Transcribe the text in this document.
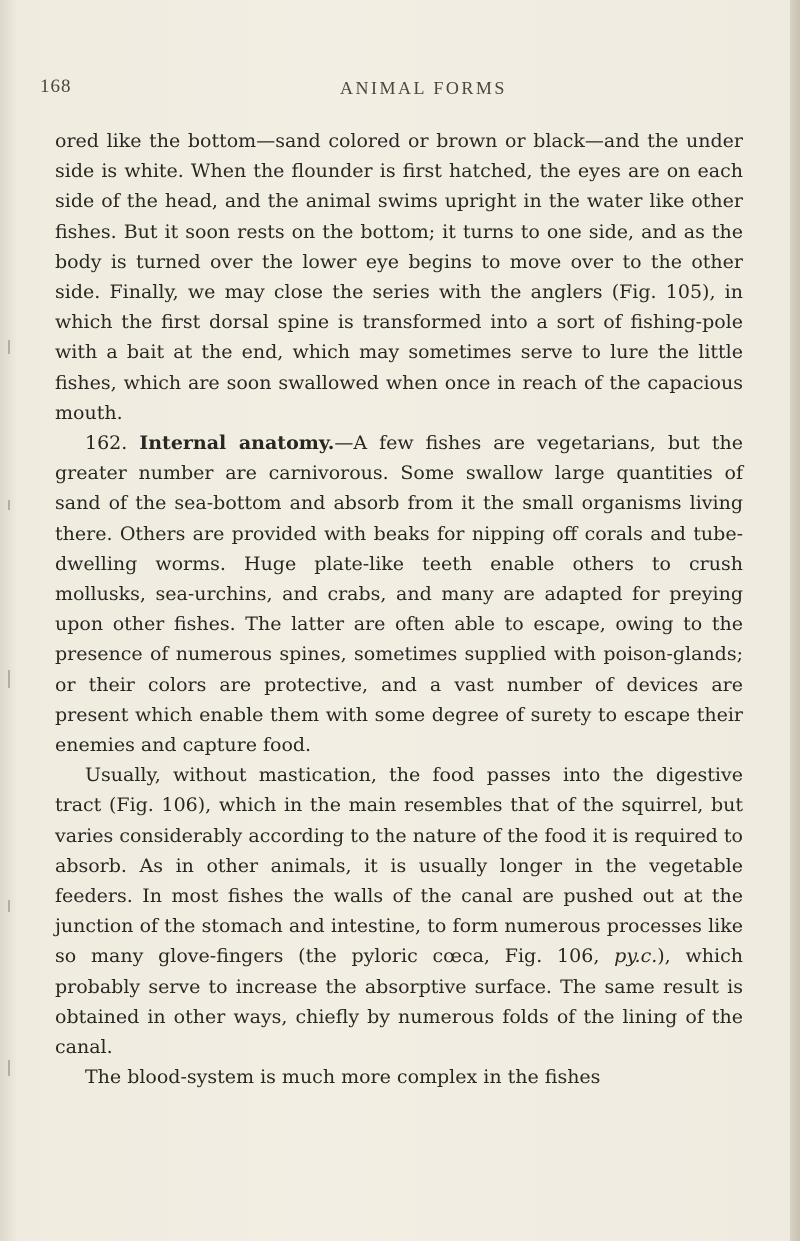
168	ANIMAL FORMS

ored like the bottom—sand colored or brown or black—and the under side is white. When the flounder is first hatched, the eyes are on each side of the head, and the animal swims upright in the water like other fishes. But it soon rests on the bottom; it turns to one side, and as the body is turned over the lower eye begins to move over to the other side. Finally, we may close the series with the anglers (Fig. 105), in which the first dorsal spine is transformed into a sort of fishing-pole with a bait at the end, which may sometimes serve to lure the little fishes, which are soon swallowed when once in reach of the capacious mouth.

162. Internal anatomy.—A few fishes are vegetarians, but the greater number are carnivorous. Some swallow large quantities of sand of the sea-bottom and absorb from it the small organisms living there. Others are provided with beaks for nipping off corals and tube-dwelling worms. Huge plate-like teeth enable others to crush mollusks, sea-urchins, and crabs, and many are adapted for preying upon other fishes. The latter are often able to escape, owing to the presence of numerous spines, sometimes supplied with poison-glands; or their colors are protective, and a vast number of devices are present which enable them with some degree of surety to escape their enemies and capture food.

Usually, without mastication, the food passes into the digestive tract (Fig. 106), which in the main resembles that of the squirrel, but varies considerably according to the nature of the food it is required to absorb. As in other animals, it is usually longer in the vegetable feeders. In most fishes the walls of the canal are pushed out at the junction of the stomach and intestine, to form numerous processes like so many glove-fingers (the pyloric cœca, Fig. 106, py.c.), which probably serve to increase the absorptive surface. The same result is obtained in other ways, chiefly by numerous folds of the lining of the canal.

The blood-system is much more complex in the fishes
